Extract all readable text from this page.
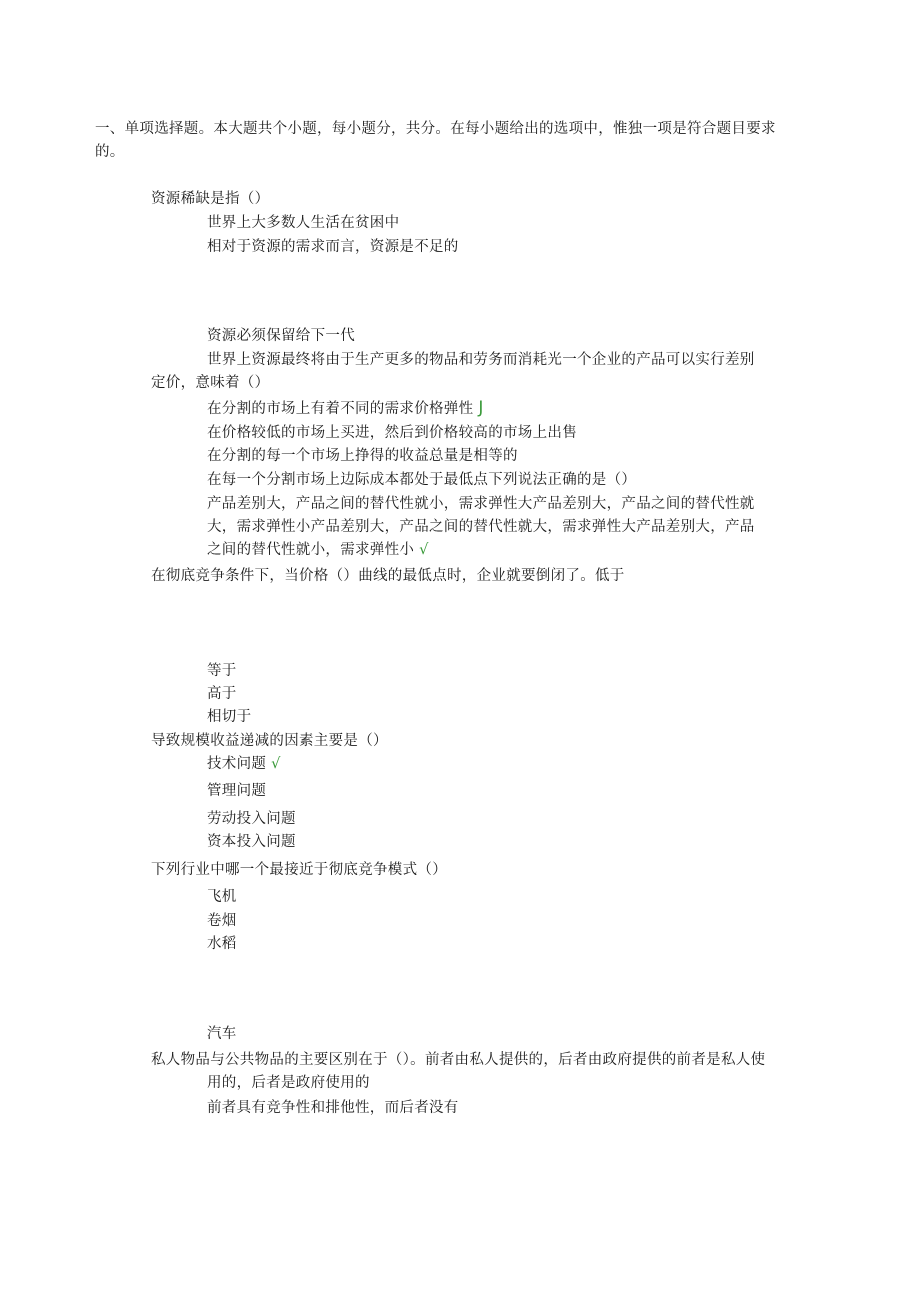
一、单项选择题。本大题共个小题，每小题分，共分。在每小题给出的选项中，惟独一项是符合题目要求的。
资源稀缺是指（）
世界上大多数人生活在贫困中
相对于资源的需求而言，资源是不足的
资源必须保留给下一代
世界上资源最终将由于生产更多的物品和劳务而消耗光一个企业的产品可以实行差别
定价，意味着（）
在分割的市场上有着不同的需求价格弹性 J
在价格较低的市场上买进，然后到价格较高的市场上出售
在分割的每一个市场上挣得的收益总量是相等的
在每一个分割市场上边际成本都处于最低点下列说法正确的是（）
产品差别大，产品之间的替代性就小，需求弹性大产品差别大，产品之间的替代性就
大，需求弹性小产品差别大，产品之间的替代性就大，需求弹性大产品差别大，产品
之间的替代性就小，需求弹性小 √
在彻底竞争条件下，当价格（）曲线的最低点时，企业就要倒闭了。低于
等于
高于
相切于
导致规模收益递减的因素主要是（）
技术问题 √
管理问题
劳动投入问题
资本投入问题
下列行业中哪一个最接近于彻底竞争模式（）
飞机
卷烟
水稻
汽车
私人物品与公共物品的主要区别在于（）。前者由私人提供的，后者由政府提供的前者是私人使
用的，后者是政府使用的
前者具有竞争性和排他性，而后者没有
